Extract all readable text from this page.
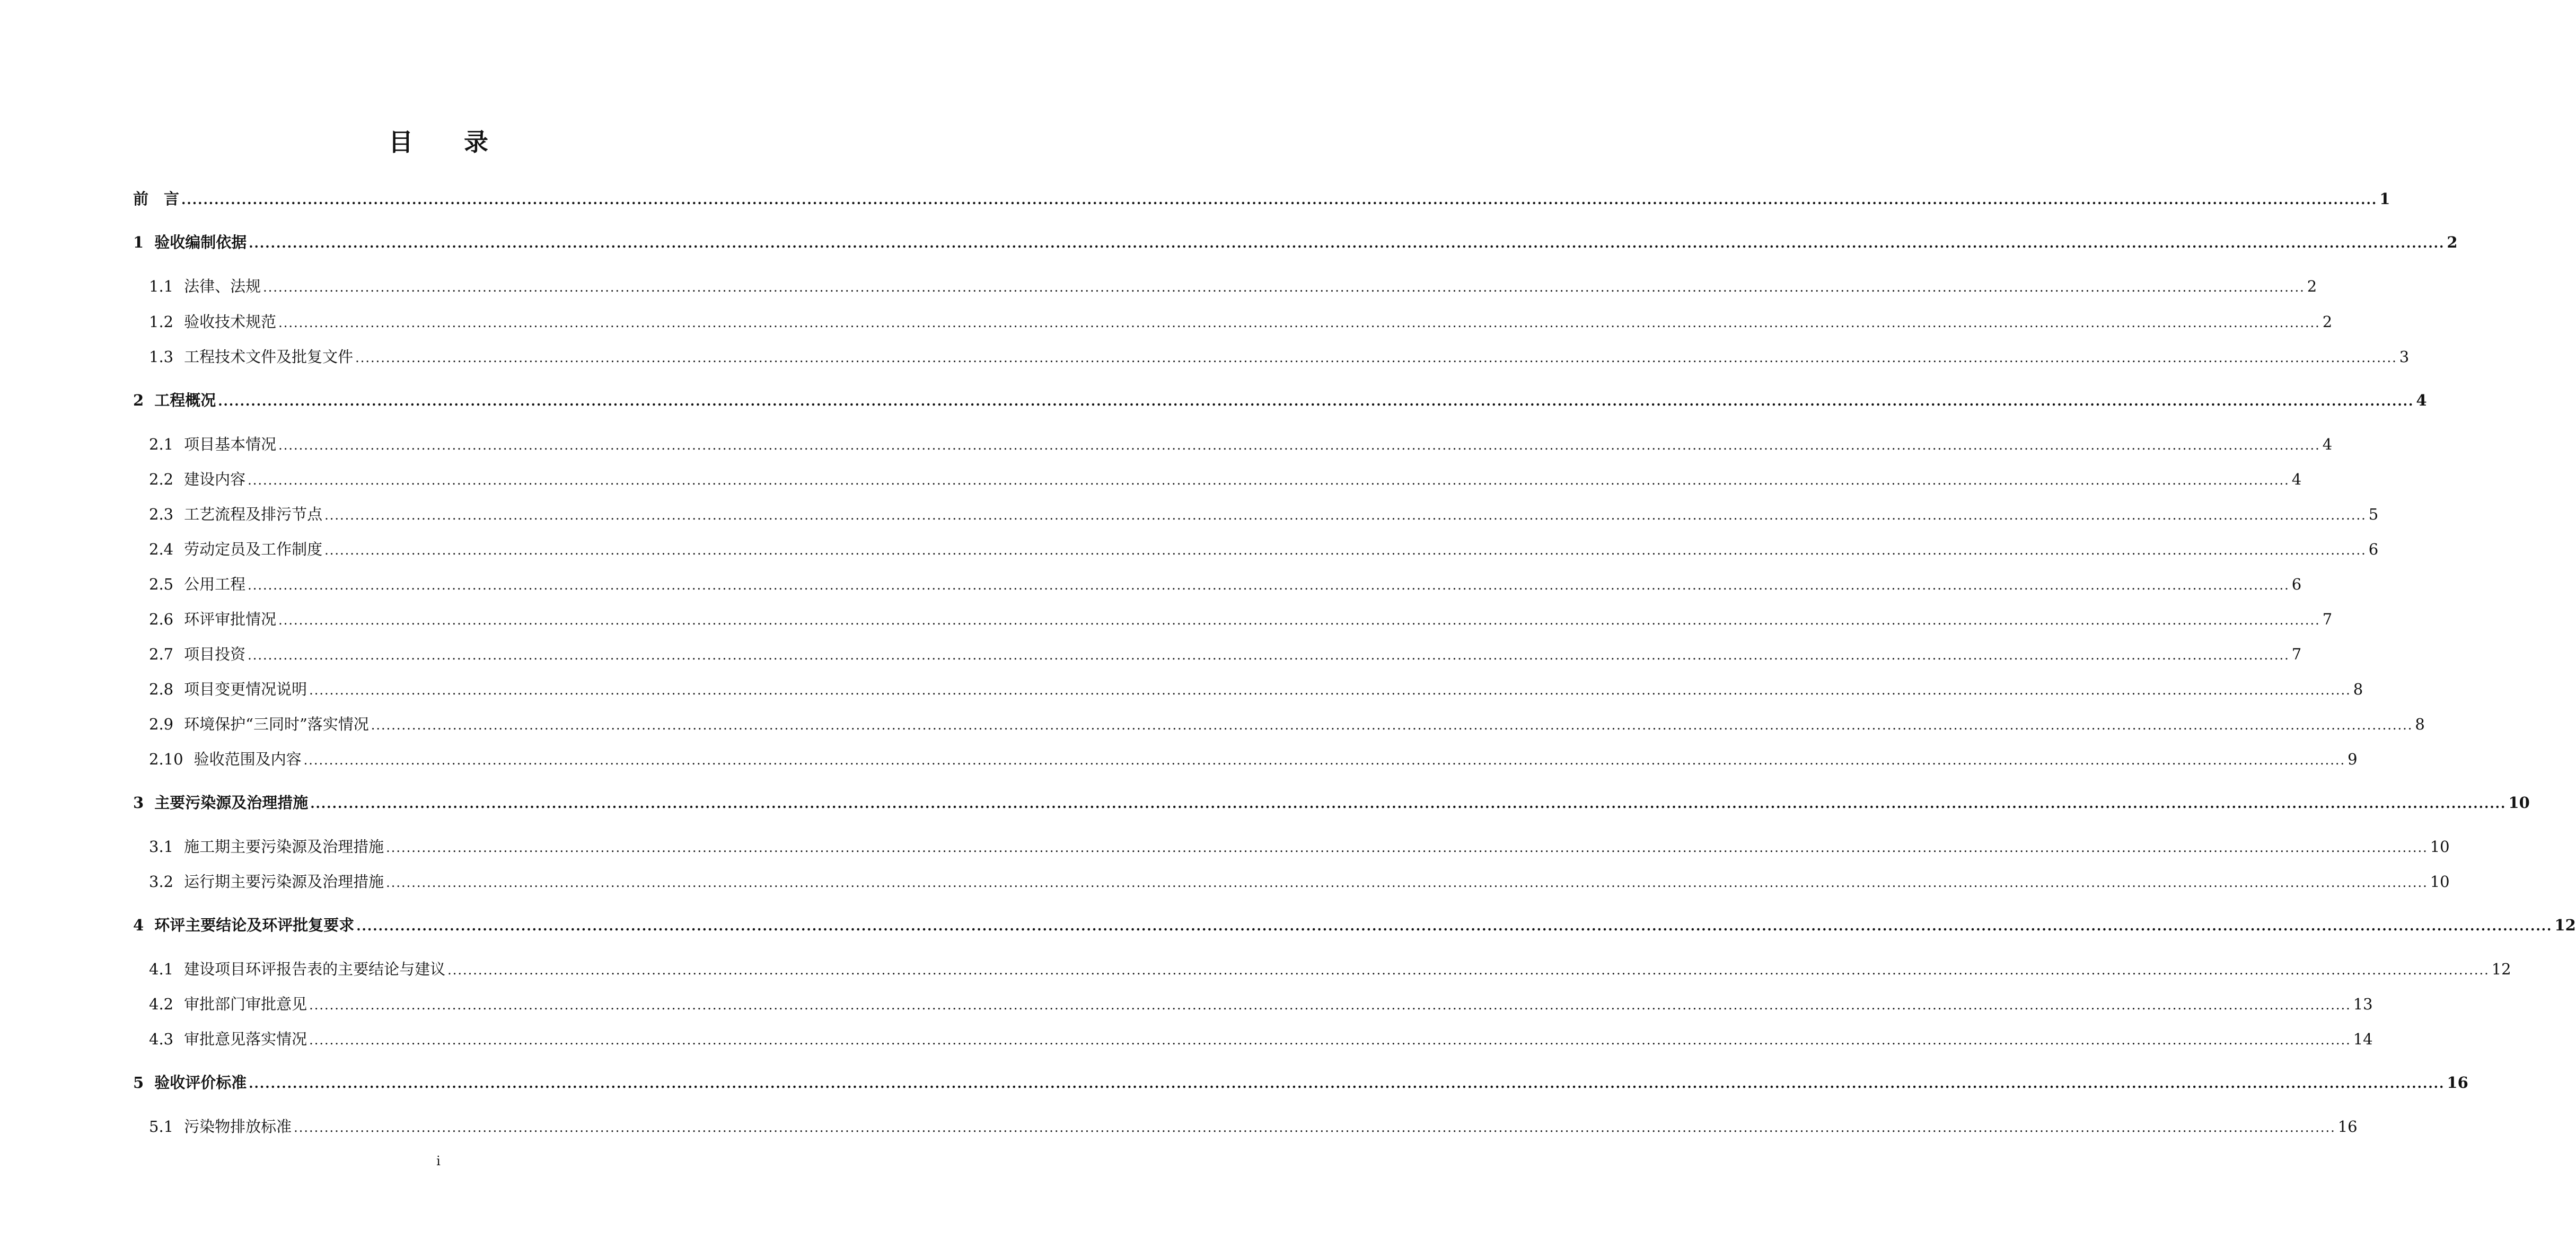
目 录
前　言 ................................................................................................................................................................................................................................................................................................................................................................................................................ 1
1 验收编制依据 ................................................................................................................................................................................................................................................................................................................................................................................................................ 2
1.1 法律、法规 ................................................................................................................................................................................................................................................................................................................................................................................................................ 2
1.2 验收技术规范 ................................................................................................................................................................................................................................................................................................................................................................................................................ 2
1.3 工程技术文件及批复文件 ................................................................................................................................................................................................................................................................................................................................................................................................................ 3
2 工程概况 ................................................................................................................................................................................................................................................................................................................................................................................................................ 4
2.1 项目基本情况 ................................................................................................................................................................................................................................................................................................................................................................................................................ 4
2.2 建设内容 ................................................................................................................................................................................................................................................................................................................................................................................................................ 4
2.3 工艺流程及排污节点 ................................................................................................................................................................................................................................................................................................................................................................................................................ 5
2.4 劳动定员及工作制度 ................................................................................................................................................................................................................................................................................................................................................................................................................ 6
2.5 公用工程 ................................................................................................................................................................................................................................................................................................................................................................................................................ 6
2.6 环评审批情况 ................................................................................................................................................................................................................................................................................................................................................................................................................ 7
2.7 项目投资 ................................................................................................................................................................................................................................................................................................................................................................................................................ 7
2.8 项目变更情况说明 ................................................................................................................................................................................................................................................................................................................................................................................................................ 8
2.9 环境保护“三同时”落实情况 ................................................................................................................................................................................................................................................................................................................................................................................................................ 8
2.10 验收范围及内容 ................................................................................................................................................................................................................................................................................................................................................................................................................ 9
3 主要污染源及治理措施 ................................................................................................................................................................................................................................................................................................................................................................................................................ 10
3.1 施工期主要污染源及治理措施 ................................................................................................................................................................................................................................................................................................................................................................................................................ 10
3.2 运行期主要污染源及治理措施 ................................................................................................................................................................................................................................................................................................................................................................................................................ 10
4 环评主要结论及环评批复要求 ................................................................................................................................................................................................................................................................................................................................................................................................................ 12
4.1 建设项目环评报告表的主要结论与建议 ................................................................................................................................................................................................................................................................................................................................................................................................................ 12
4.2 审批部门审批意见 ................................................................................................................................................................................................................................................................................................................................................................................................................ 13
4.3 审批意见落实情况 ................................................................................................................................................................................................................................................................................................................................................................................................................ 14
5 验收评价标准 ................................................................................................................................................................................................................................................................................................................................................................................................................ 16
5.1 污染物排放标准 ................................................................................................................................................................................................................................................................................................................................................................................................................ 16
i
